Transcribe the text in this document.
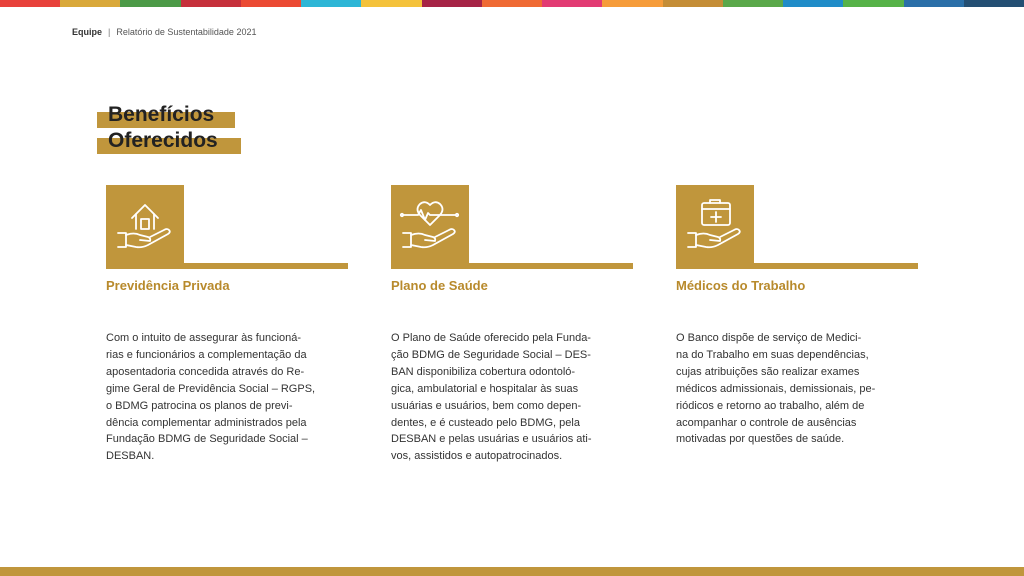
Equipe | Relatório de Sustentabilidade 2021
Benefícios
Oferecidos
Previdência Privada
Com o intuito de assegurar às funcioná-
rias e funcionários a complementação da
aposentadoria concedida através do Re-
gime Geral de Previdência Social – RGPS,
o BDMG patrocina os planos de previ-
dência complementar administrados pela
Fundação BDMG de Seguridade Social –
DESBAN.
Plano de Saúde
O Plano de Saúde oferecido pela Funda-
ção BDMG de Seguridade Social – DES-
BAN disponibiliza cobertura odontoló-
gica, ambulatorial e hospitalar às suas
usuárias e usuários, bem como depen-
dentes, e é custeado pelo BDMG, pela
DESBAN e pelas usuárias e usuários ati-
vos, assistidos e autopatrocinados.
Médicos do Trabalho
O Banco dispõe de serviço de Medici-
na do Trabalho em suas dependências,
cujas atribuições são realizar exames
médicos admissionais, demissionais, pe-
riódicos e retorno ao trabalho, além de
acompanhar o controle de ausências
motivadas por questões de saúde.
